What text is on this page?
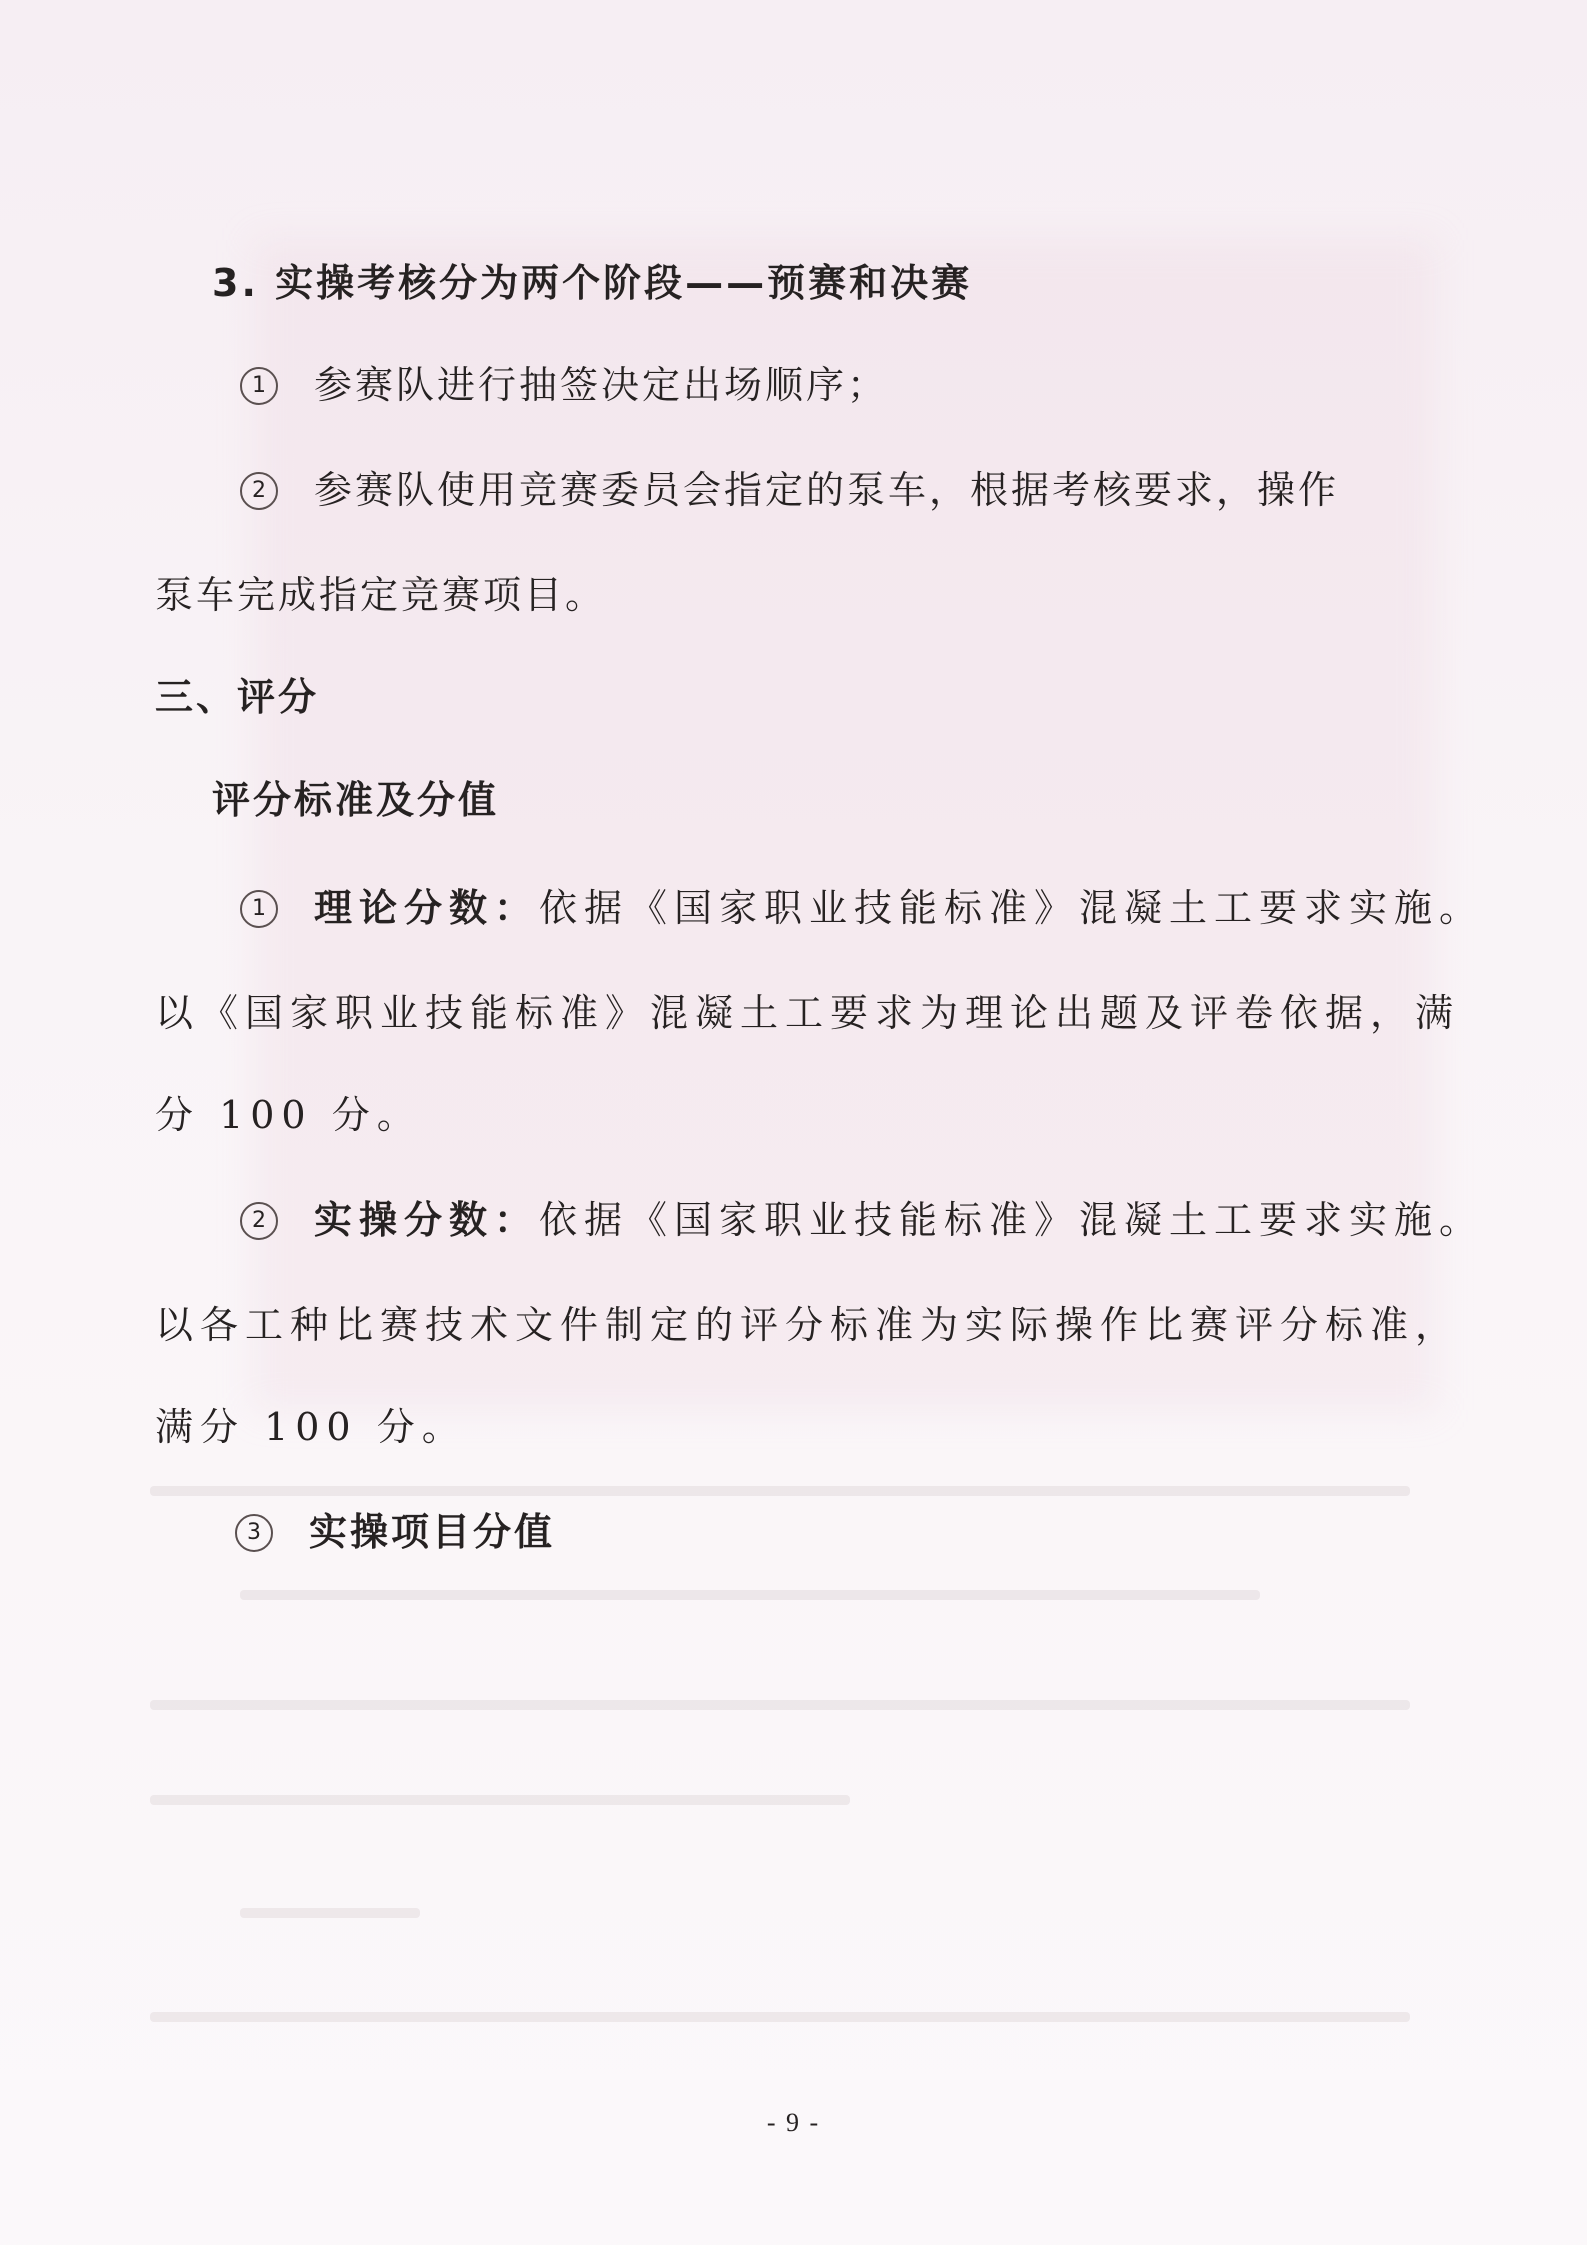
3. 实操考核分为两个阶段——预赛和决赛
1 参赛队进行抽签决定出场顺序；
2 参赛队使用竞赛委员会指定的泵车，根据考核要求，操作
泵车完成指定竞赛项目。
三、评分
评分标准及分值
1 理论分数：依据《国家职业技能标准》混凝土工要求实施。
以《国家职业技能标准》混凝土工要求为理论出题及评卷依据，满
分 100 分。
2 实操分数：依据《国家职业技能标准》混凝土工要求实施。
以各工种比赛技术文件制定的评分标准为实际操作比赛评分标准，
满分 100 分。
3 实操项目分值
- 9 -
